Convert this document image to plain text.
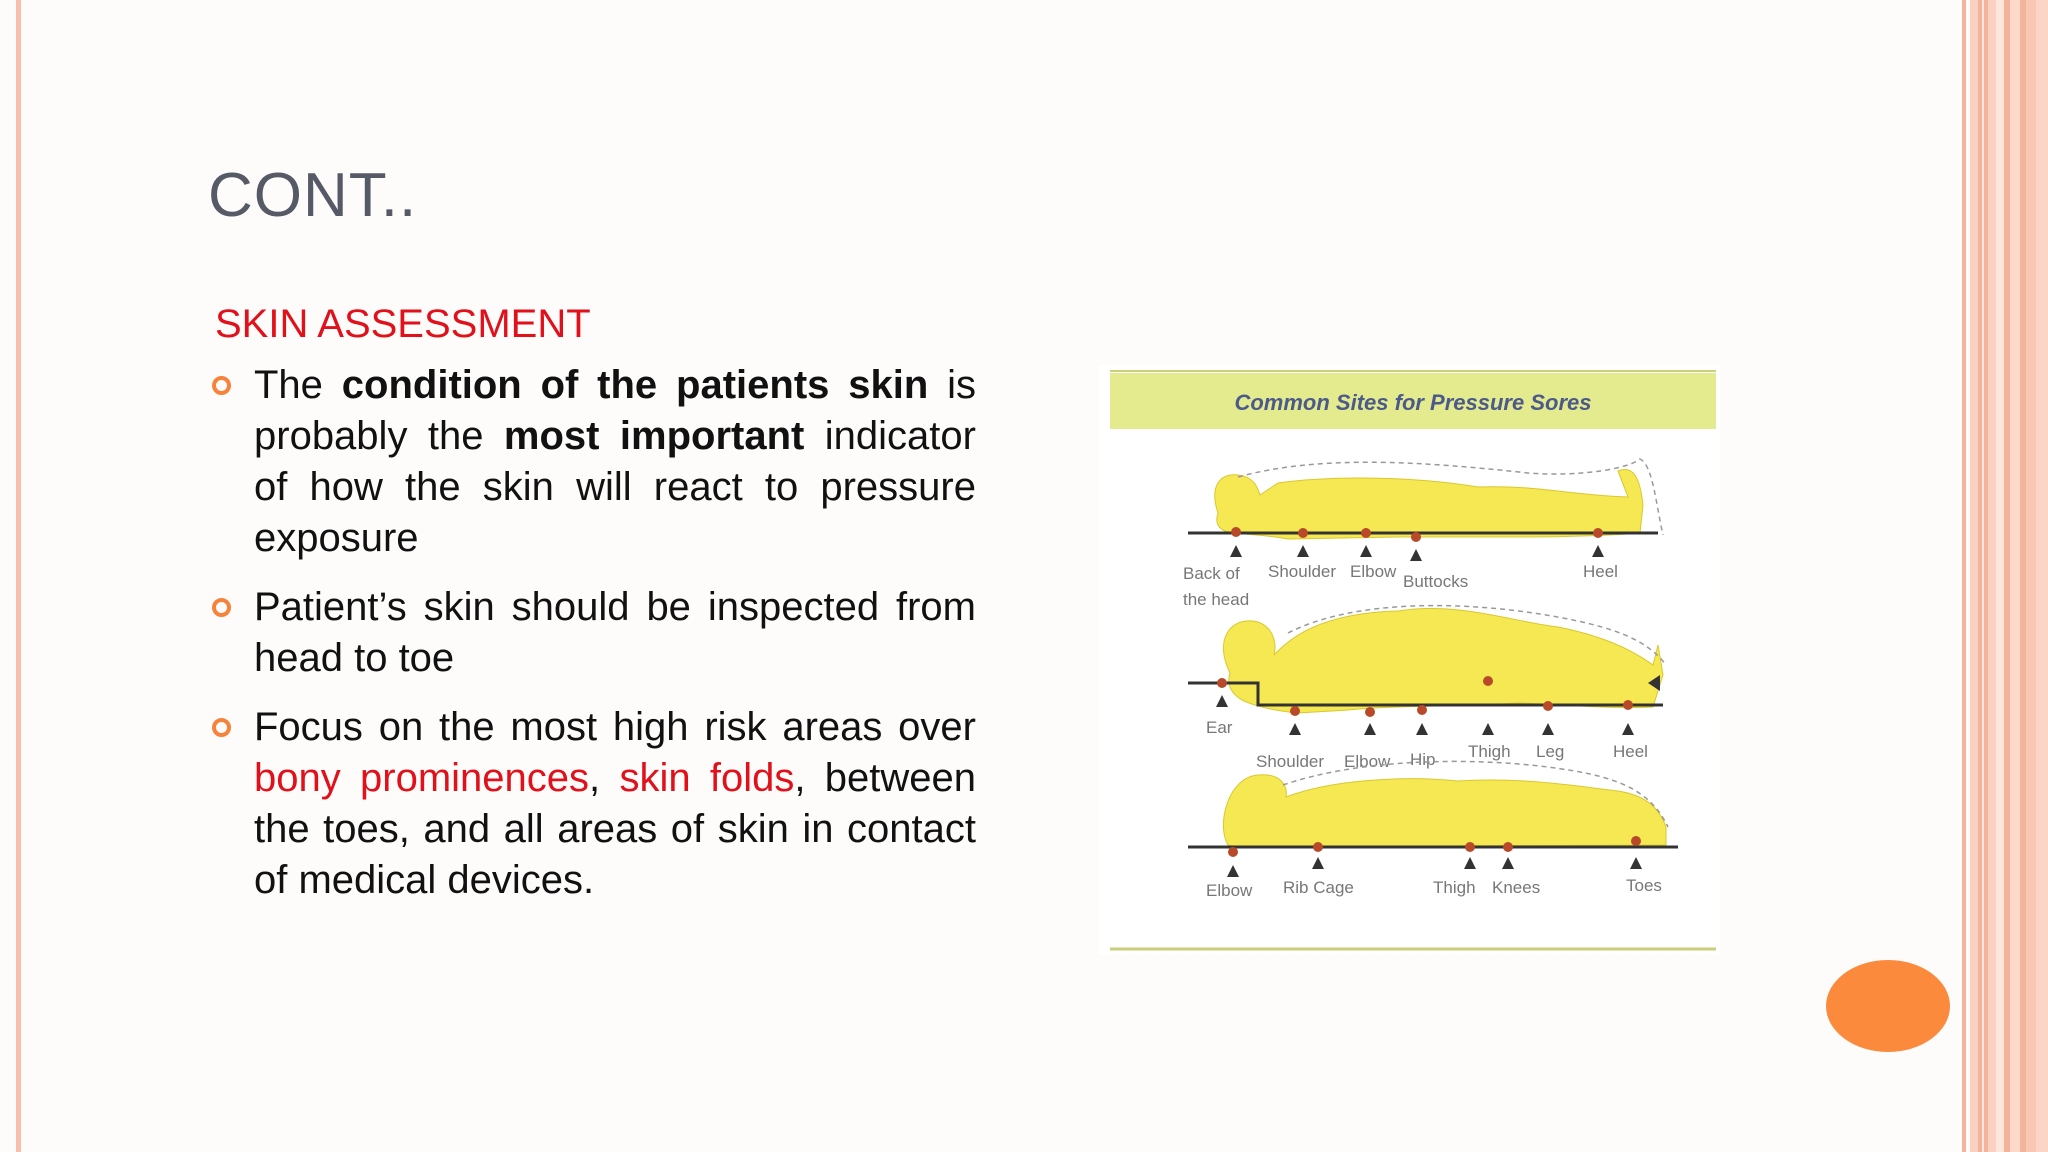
CONT..
SKIN ASSESSMENT
The condition of the patients skin is probably the most important indicator of how the skin will react to pressure exposure
Patient’s skin should be inspected from head to toe
Focus on the most high risk areas over bony prominences, skin folds, between the toes, and all areas of skin in contact of medical devices.
Common Sites for Pressure Sores
Back of
the head
Shoulder Elbow
Buttocks
Heel
Ear
Shoulder Elbow Hip Thigh Leg	Heel
Elbow Rib Cage	Thigh Knees	Toes
